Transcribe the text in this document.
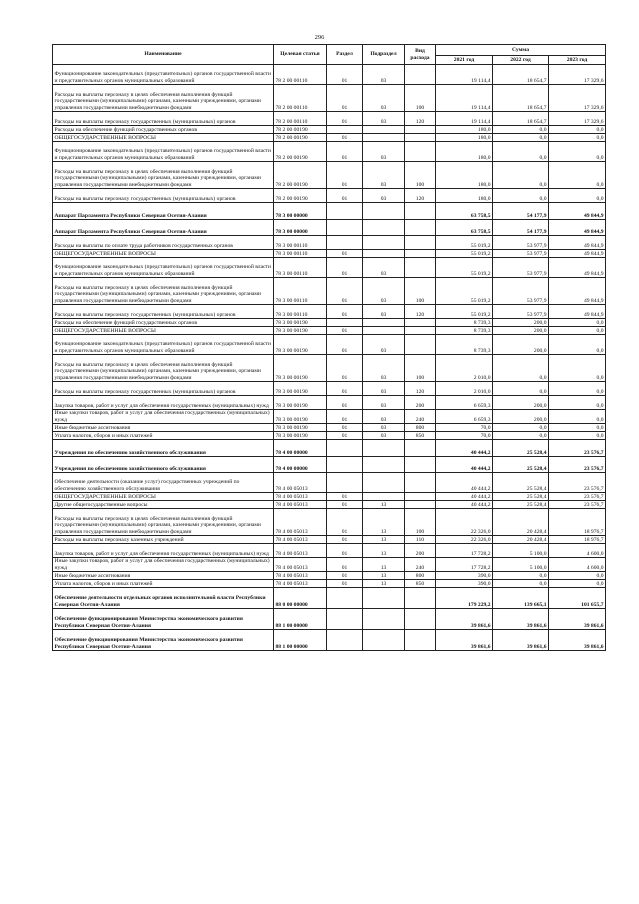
296
Наименование	Целевая статья	Раздел	Подраздел	Вид расхода	Сумма		
					2021 год	2022 год	2023 год
Функционирование законодательных (представительных) органов государственной власти и представительных органов муниципальных образований	78 2 00 00110	01	03		19 114,4	18 654,7	17 329,6
Расходы на выплаты персоналу в целях обеспечения выполнения функций государственными (муниципальными) органами, казенными учреждениями, органами управления государственными внебюджетными фондами	78 2 00 00110	01	03	100	19 114,4	18 654,7	17 329,6
Расходы на выплаты персоналу государственных (муниципальных) органов	78 2 00 00110	01	03	120	19 114,4	18 654,7	17 329,6
Расходы на обеспечение функций государственных органов	78 2 00 00190				180,0	0,0	0,0
ОБЩЕГОСУДАРСТВЕННЫЕ ВОПРОСЫ	78 2 00 00190	01			180,0	0,0	0,0
Функционирование законодательных (представительных) органов государственной власти и представительных органов муниципальных образований	78 2 00 00190	01	03		180,0	0,0	0,0
Расходы на выплаты персоналу в целях обеспечения выполнения функций государственными (муниципальными) органами, казенными учреждениями, органами управления государственными внебюджетными фондами	78 2 00 00190	01	03	100	180,0	0,0	0,0
Расходы на выплаты персоналу государственных (муниципальных) органов	78 2 00 00190	01	03	120	180,0	0,0	0,0
Аппарат Парламента Республики Северная Осетия-Алания	78 3 00 00000				63 758,5	54 177,9	49 844,9
Аппарат Парламента Республики Северная Осетия-Алания	78 3 00 00000				63 758,5	54 177,9	49 844,9
Расходы на выплаты по оплате труда работников государственных органов	78 3 00 00110				55 019,2	53 977,9	49 844,9
ОБЩЕГОСУДАРСТВЕННЫЕ ВОПРОСЫ	78 3 00 00110	01			55 019,2	53 977,9	49 844,9
Функционирование законодательных (представительных) органов государственной власти и представительных органов муниципальных образований	78 3 00 00110	01	03		55 019,2	53 977,9	49 844,9
Расходы на выплаты персоналу в целях обеспечения выполнения функций государственными (муниципальными) органами, казенными учреждениями, органами управления государственными внебюджетными фондами	78 3 00 00110	01	03	100	55 019,2	53 977,9	49 844,9
Расходы на выплаты персоналу государственных (муниципальных) органов	78 3 00 00110	01	03	120	55 019,2	53 977,9	49 844,9
Расходы на обеспечение функций государственных органов	78 3 00 00190				8 739,3	200,0	0,0
ОБЩЕГОСУДАРСТВЕННЫЕ ВОПРОСЫ	78 3 00 00190	01			8 739,3	200,0	0,0
Функционирование законодательных (представительных) органов государственной власти и представительных органов муниципальных образований	78 3 00 00190	01	03		8 739,3	200,0	0,0
Расходы на выплаты персоналу в целях обеспечения выполнения функций государственными (муниципальными) органами, казенными учреждениями, органами управления государственными внебюджетными фондами	78 3 00 00190	01	03	100	2 010,0	0,0	0,0
Расходы на выплаты персоналу государственных (муниципальных) органов	78 3 00 00190	01	03	120	2 010,0	0,0	0,0
Закупка товаров, работ и услуг для обеспечения государственных (муниципальных) нужд	78 3 00 00190	01	03	200	6 659,3	200,0	0,0
Иные закупки товаров, работ и услуг для обеспечения государственных (муниципальных) нужд	78 3 00 00190	01	03	240	6 659,3	200,0	0,0
Иные бюджетные ассигнования	78 3 00 00190	01	03	800	70,0	0,0	0,0
Уплата налогов, сборов и иных платежей	78 3 00 00190	01	03	850	70,0	0,0	0,0
Учреждения по обеспечению хозяйственного обслуживания	78 4 00 00000				40 444,2	25 528,4	23 576,7
Учреждения по обеспечению хозяйственного обслуживания	78 4 00 00000				40 444,2	25 528,4	23 576,7
Обеспечение деятельности (оказание услуг) государственных учреждений по обеспечению хозяйственного обслуживания	78 4 00 05013				40 444,2	25 528,4	23 576,7
ОБЩЕГОСУДАРСТВЕННЫЕ ВОПРОСЫ	78 4 00 05013	01			40 444,2	25 528,4	23 576,7
Другие общегосударственные вопросы	78 4 00 05013	01	13		40 444,2	25 528,4	23 576,7
Расходы на выплаты персоналу в целях обеспечения выполнения функций государственными (муниципальными) органами, казенными учреждениями, органами управления государственными внебюджетными фондами	78 4 00 05013	01	13	100	22 326,0	20 428,4	18 976,7
Расходы на выплаты персоналу казенных учреждений	78 4 00 05013	01	13	110	22 326,0	20 428,4	18 976,7
Закупка товаров, работ и услуг для обеспечения государственных (муниципальных) нужд	78 4 00 05013	01	13	200	17 728,2	5 100,0	4 600,0
Иные закупки товаров, работ и услуг для обеспечения государственных (муниципальных) нужд	78 4 00 05013	01	13	240	17 728,2	5 100,0	4 600,0
Иные бюджетные ассигнования	78 4 00 05013	01	13	800	390,0	0,0	0,0
Уплата налогов, сборов и иных платежей	78 4 00 05013	01	13	850	390,0	0,0	0,0
Обеспечение деятельности отдельных органов исполнительной власти Республики Северная Осетия-Алания	88 0 00 00000				179 229,2	139 665,1	101 655,7
Обеспечение функционирования Министерства экономического развития Республики Северная Осетия-Алания	88 1 00 00000				39 861,6	39 861,6	39 861,6
Обеспечение функционирования Министерства экономического развития Республики Северная Осетия-Алания	88 1 00 00000				39 861,6	39 861,6	39 861,6
